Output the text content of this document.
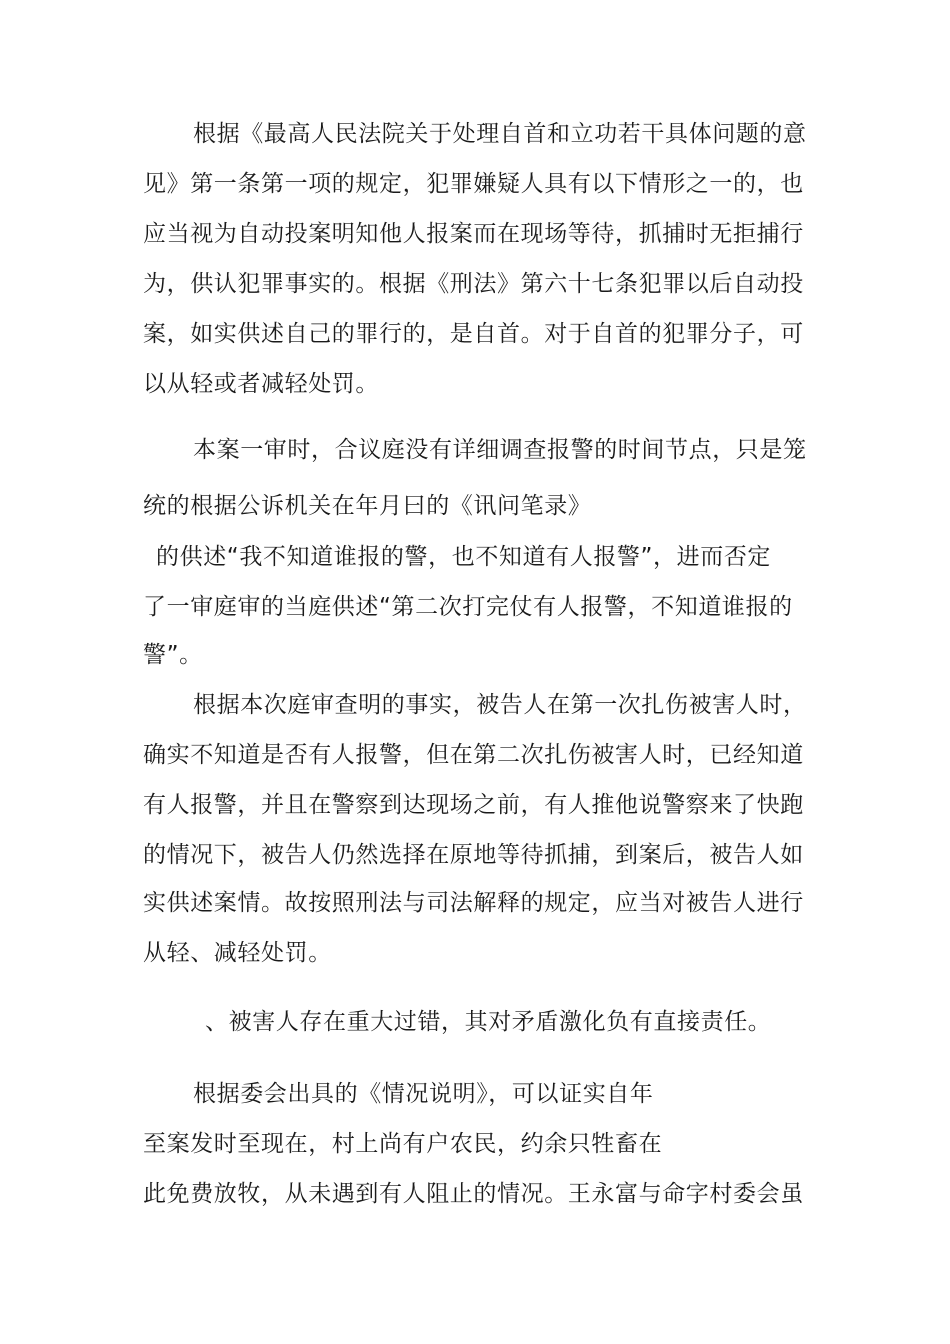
根据《最高人民法院关于处理自首和立功若干具体问题的意
见》第一条第一项的规定，犯罪嫌疑人具有以下情形之一的，也
应当视为自动投案明知他人报案而在现场等待，抓捕时无拒捕行
为，供认犯罪事实的。根据《刑法》第六十七条犯罪以后自动投
案，如实供述自己的罪行的，是自首。对于自首的犯罪分子，可
以从轻或者减轻处罚。
本案一审时，合议庭没有详细调查报警的时间节点，只是笼
统的根据公诉机关在年月曰的《讯问笔录》
的供述“我不知道谁报的警，也不知道有人报警”，进而否定
了一审庭审的当庭供述“第二次打完仗有人报警，不知道谁报的
警”。
根据本次庭审查明的事实，被告人在第一次扎伤被害人时，
确实不知道是否有人报警，但在第二次扎伤被害人时，已经知道
有人报警，并且在警察到达现场之前，有人推他说警察来了快跑
的情况下，被告人仍然选择在原地等待抓捕，到案后，被告人如
实供述案情。故按照刑法与司法解释的规定，应当对被告人进行
从轻、减轻处罚。
、被害人存在重大过错，其对矛盾激化负有直接责任。
根据委会出具的《情况说明》，可以证实自年
至案发时至现在，村上尚有户农民，约余只牲畜在
此免费放牧，从未遇到有人阻止的情况。王永富与命字村委会虽
